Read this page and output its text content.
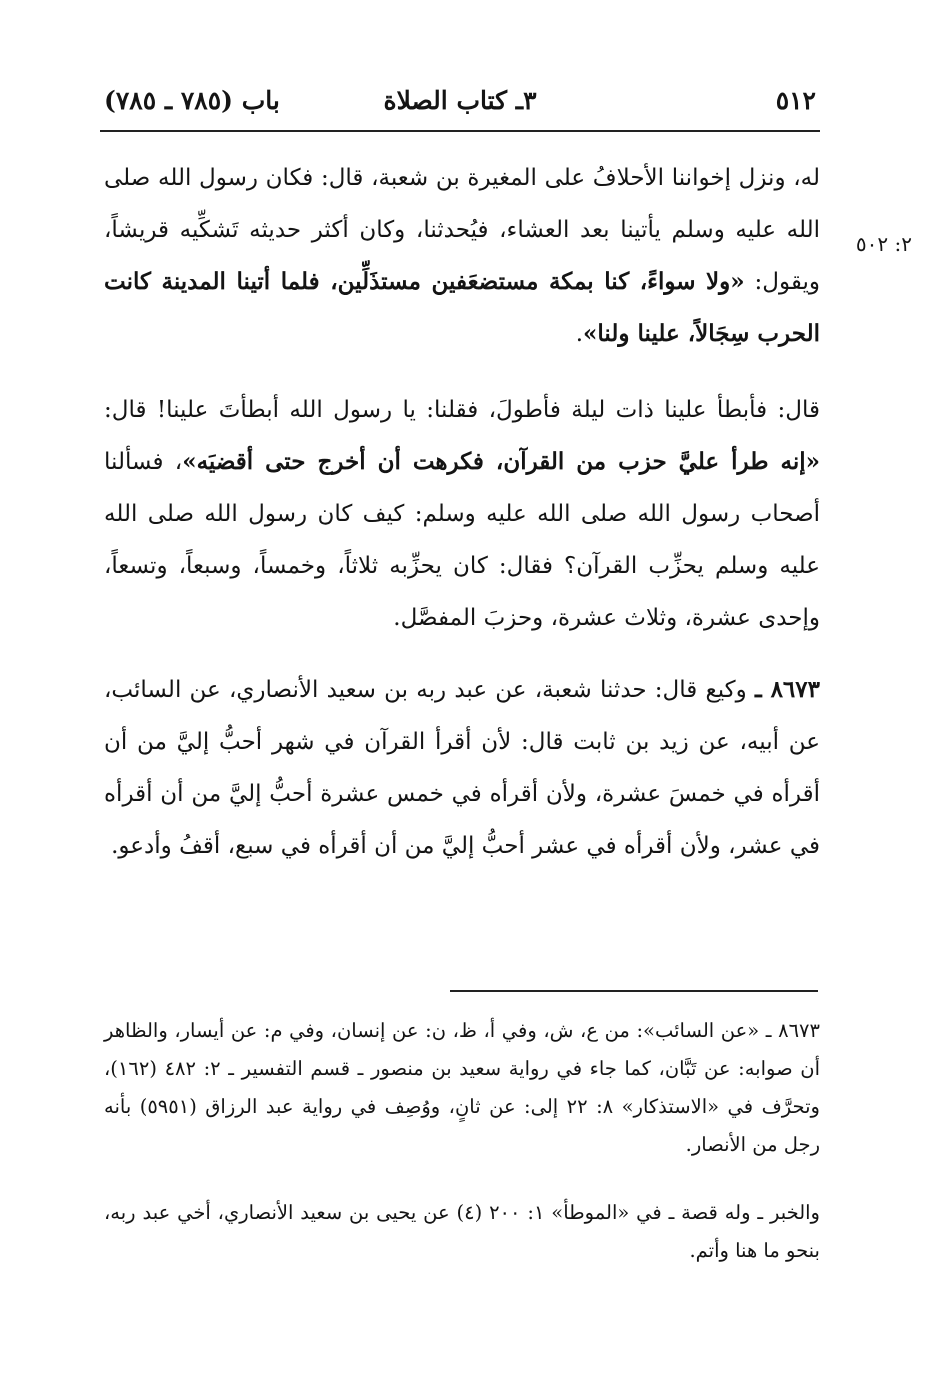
٥١٢
٣ـ كتاب الصلاة
باب (٧٨٥ ـ ٧٨٥)
٢: ٥٠٢

له، ونزل إخواننا الأحلافُ على المغيرة بن شعبة، قال: فكان رسول الله صلى الله عليه وسلم يأتينا بعد العشاء، فيُحدثنا، وكان أكثر حديثه تَشكِّيه قريشاً، ويقول: «ولا سواءً، كنا بمكة مستضعَفين مستذَلِّين، فلما أتينا المدينة كانت الحرب سِجَالاً، علينا ولنا».

قال: فأبطأ علينا ذات ليلة فأطولَ، فقلنا: يا رسول الله أبطأتَ علينا! قال: «إنه طرأ عليَّ حزب من القرآن، فكرهت أن أخرج حتى أقضيَه»، فسألنا أصحاب رسول الله صلى الله عليه وسلم: كيف كان رسول الله صلى الله عليه وسلم يحزِّب القرآن؟ فقال: كان يحزِّبه ثلاثاً، وخمساً، وسبعاً، وتسعاً، وإحدى عشرة، وثلاث عشرة، وحزبَ المفصَّل.

٨٦٧٣ ـ وكيع قال: حدثنا شعبة، عن عبد ربه بن سعيد الأنصاري، عن السائب، عن أبيه، عن زيد بن ثابت قال: لأن أقرأ القرآن في شهر أحبُّ إليَّ من أن أقرأه في خمسَ عشرة، ولأن أقرأه في خمس عشرة أحبُّ إليَّ من أن أقرأه في عشر، ولأن أقرأه في عشر أحبُّ إليَّ من أن أقرأه في سبع، أقفُ وأدعو.

٨٦٧٣ ـ «عن السائب»: من ع، ش، وفي أ، ظ، ن: عن إنسان، وفي م: عن أيسار، والظاهر أن صوابه: عن تَبَّان، كما جاء في رواية سعيد بن منصور ـ قسم التفسير ـ ٢: ٤٨٢ (١٦٢)، وتحرَّف في «الاستذكار» ٨: ٢٢ إلى: عن ثانٍ، ووُصِف في رواية عبد الرزاق (٥٩٥١) بأنه رجل من الأنصار.

والخبر ـ وله قصة ـ في «الموطأ» ١: ٢٠٠ (٤) عن يحيى بن سعيد الأنصاري، أخي عبد ربه، بنحو ما هنا وأتم.
